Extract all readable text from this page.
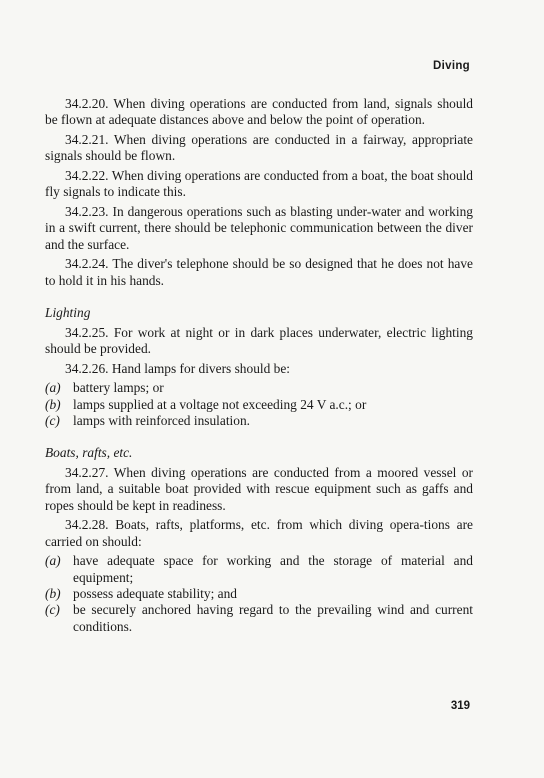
Diving

34.2.20. When diving operations are conducted from land, signals should be flown at adequate distances above and below the point of operation.

34.2.21. When diving operations are conducted in a fairway, appropriate signals should be flown.

34.2.22. When diving operations are conducted from a boat, the boat should fly signals to indicate this.

34.2.23. In dangerous operations such as blasting under-water and working in a swift current, there should be telephonic communication between the diver and the surface.

34.2.24. The diver's telephone should be so designed that he does not have to hold it in his hands.

Lighting

34.2.25. For work at night or in dark places underwater, electric lighting should be provided.

34.2.26. Hand lamps for divers should be:

(a) battery lamps; or
(b) lamps supplied at a voltage not exceeding 24 V a.c.; or
(c) lamps with reinforced insulation.
Boats, rafts, etc.

34.2.27. When diving operations are conducted from a moored vessel or from land, a suitable boat provided with rescue equipment such as gaffs and ropes should be kept in readiness.

34.2.28. Boats, rafts, platforms, etc. from which diving opera-tions are carried on should:

(a) have adequate space for working and the storage of material and equipment;
(b) possess adequate stability; and
(c) be securely anchored having regard to the prevailing wind and current conditions.
319
